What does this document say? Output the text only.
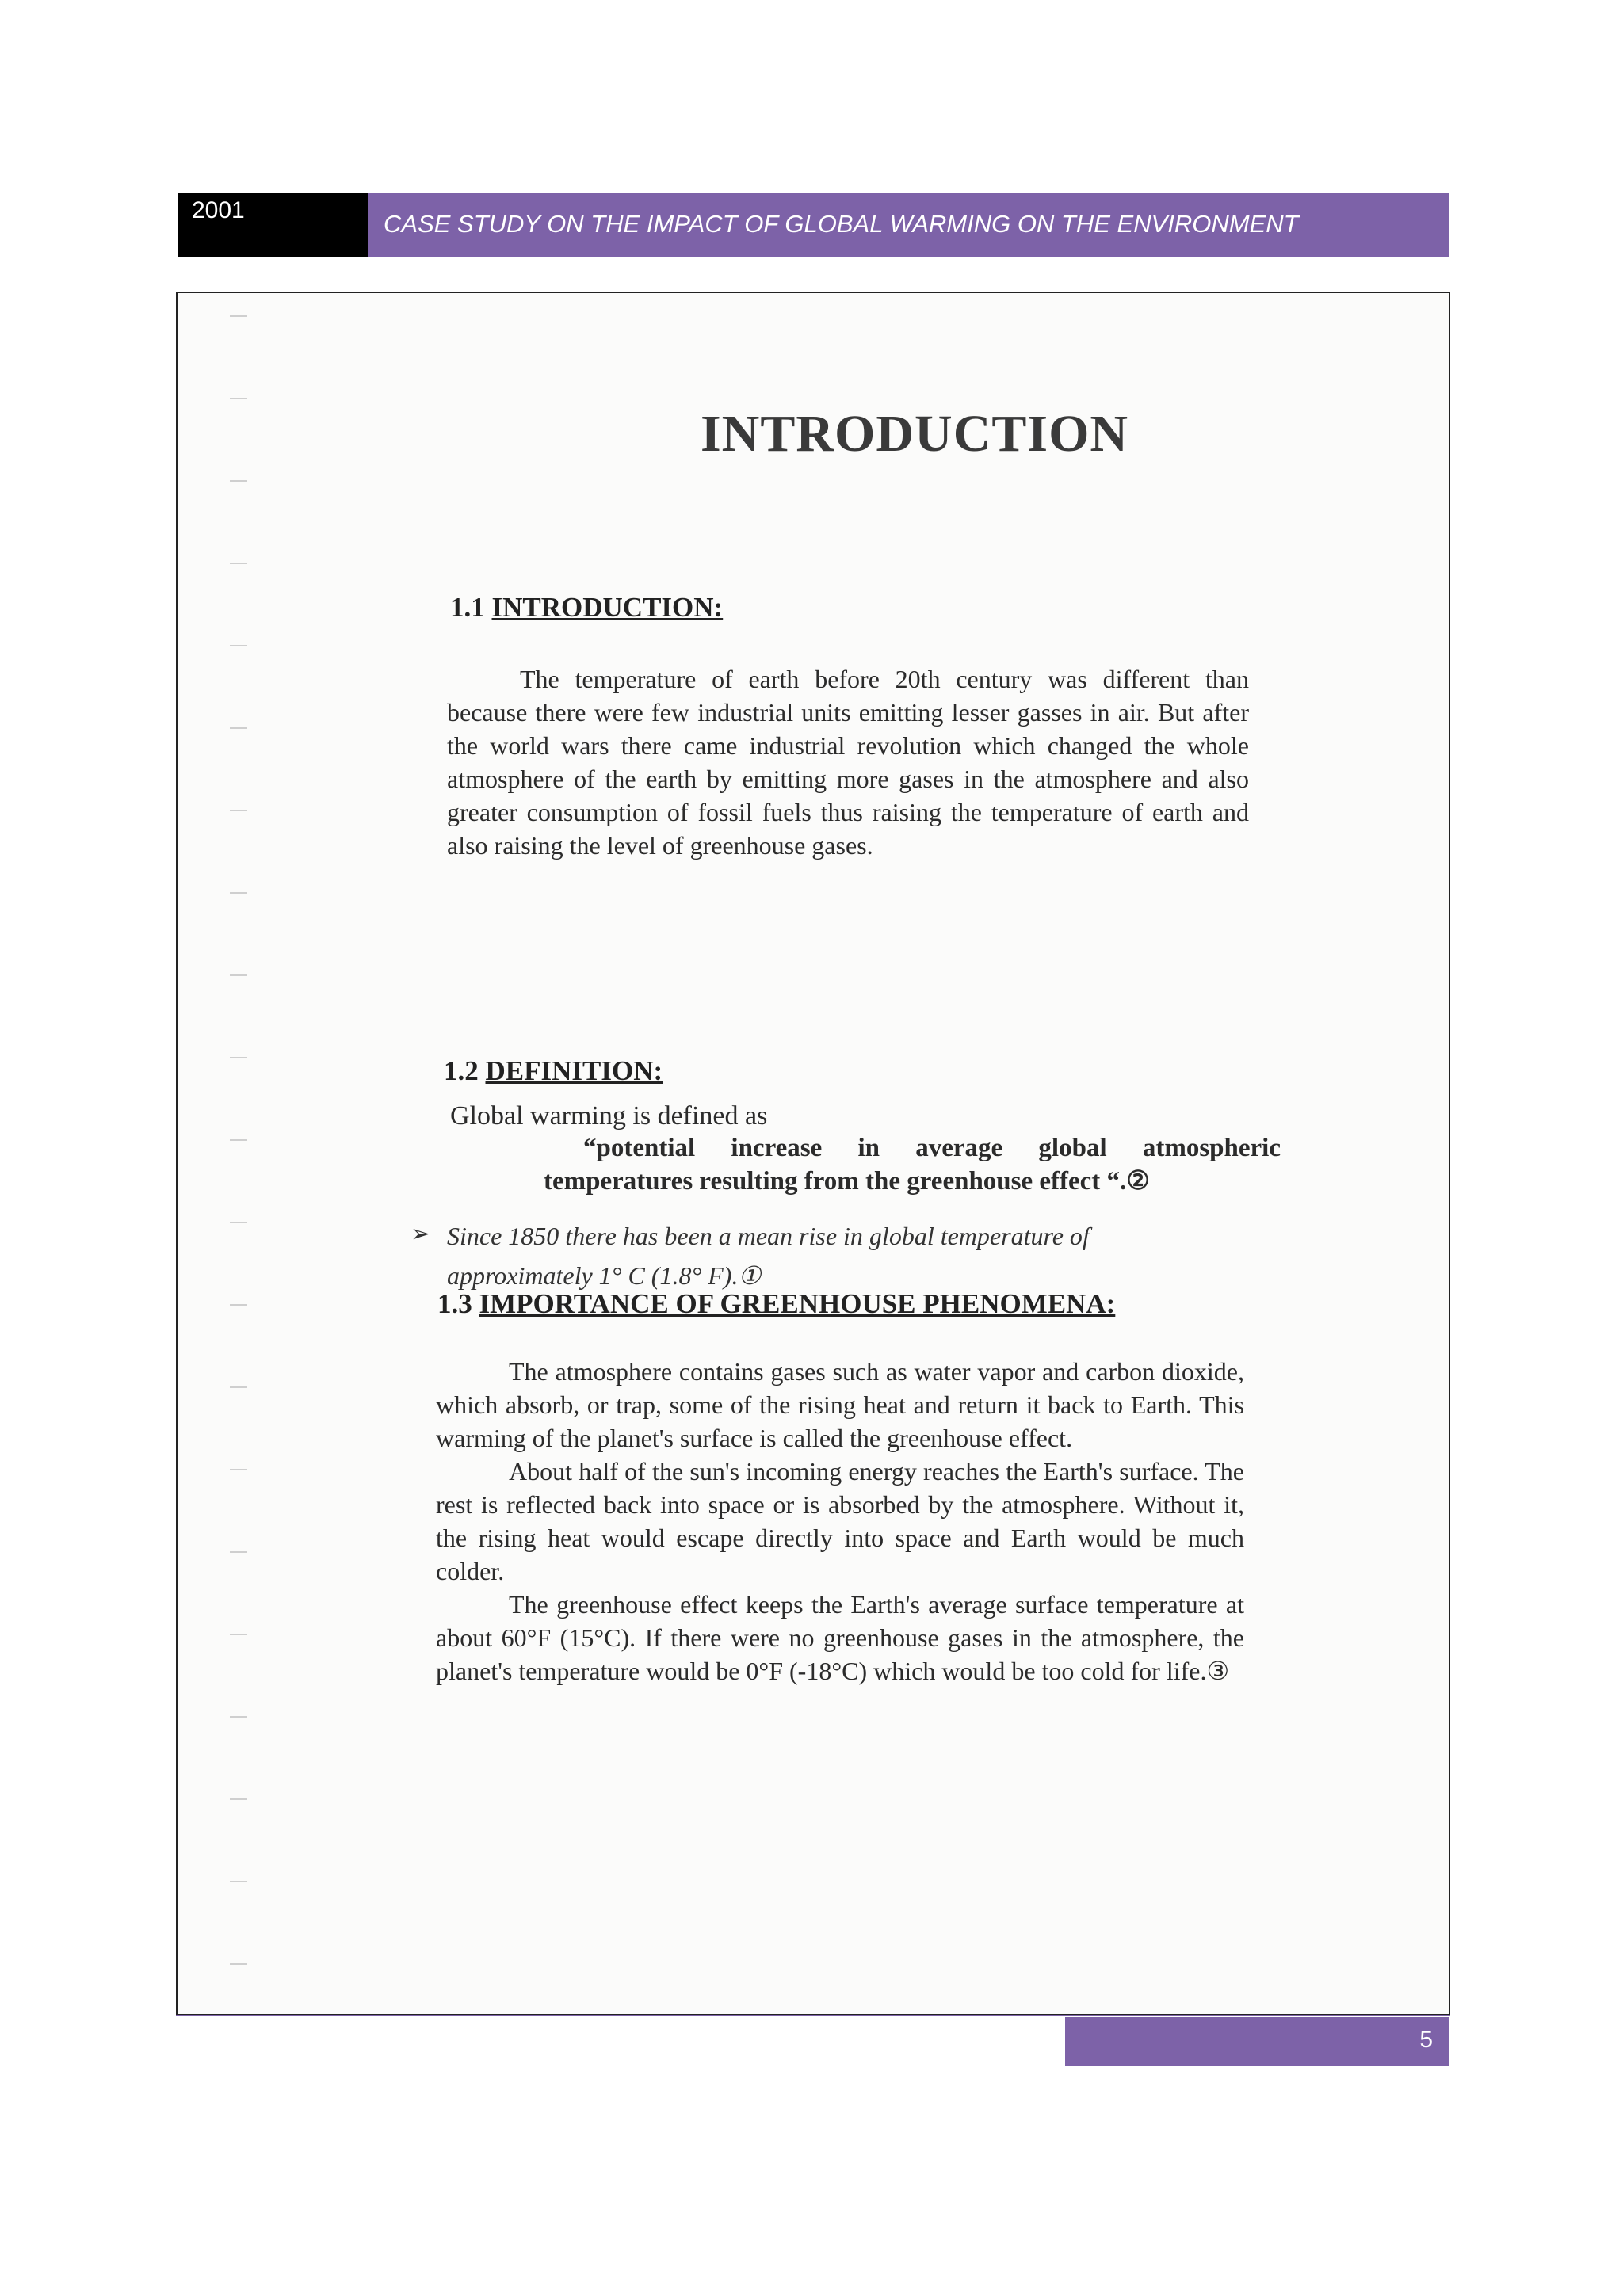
2001	CASE STUDY ON THE IMPACT OF GLOBAL WARMING ON THE ENVIRONMENT
INTRODUCTION
1.1 INTRODUCTION:

The temperature of earth before 20th century was different than because there were few industrial units emitting lesser gasses in air. But after the world wars there came industrial revolution which changed the whole atmosphere of the earth by emitting more gases in the atmosphere and also greater consumption of fossil fuels thus raising the temperature of earth and also raising the level of greenhouse gases.

➢ Since 1850 there has been a mean rise in global temperature of
approximately 1° C (1.8° F).①
1.2 DEFINITION:
Global warming is defined as
“potential increase in average global atmospheric
temperatures resulting from the greenhouse effect “.②
1.3 IMPORTANCE OF GREENHOUSE PHENOMENA:

The atmosphere contains gases such as water vapor and carbon dioxide, which absorb, or trap, some of the rising heat and return it back to Earth. This warming of the planet's surface is called the greenhouse effect.

About half of the sun's incoming energy reaches the Earth's surface. The rest is reflected back into space or is absorbed by the atmosphere. Without it, the rising heat would escape directly into space and Earth would be much colder.

The greenhouse effect keeps the Earth's average surface temperature at about 60°F (15°C). If there were no greenhouse gases in the atmosphere, the planet's temperature would be 0°F (-18°C) which would be too cold for life.③

5
